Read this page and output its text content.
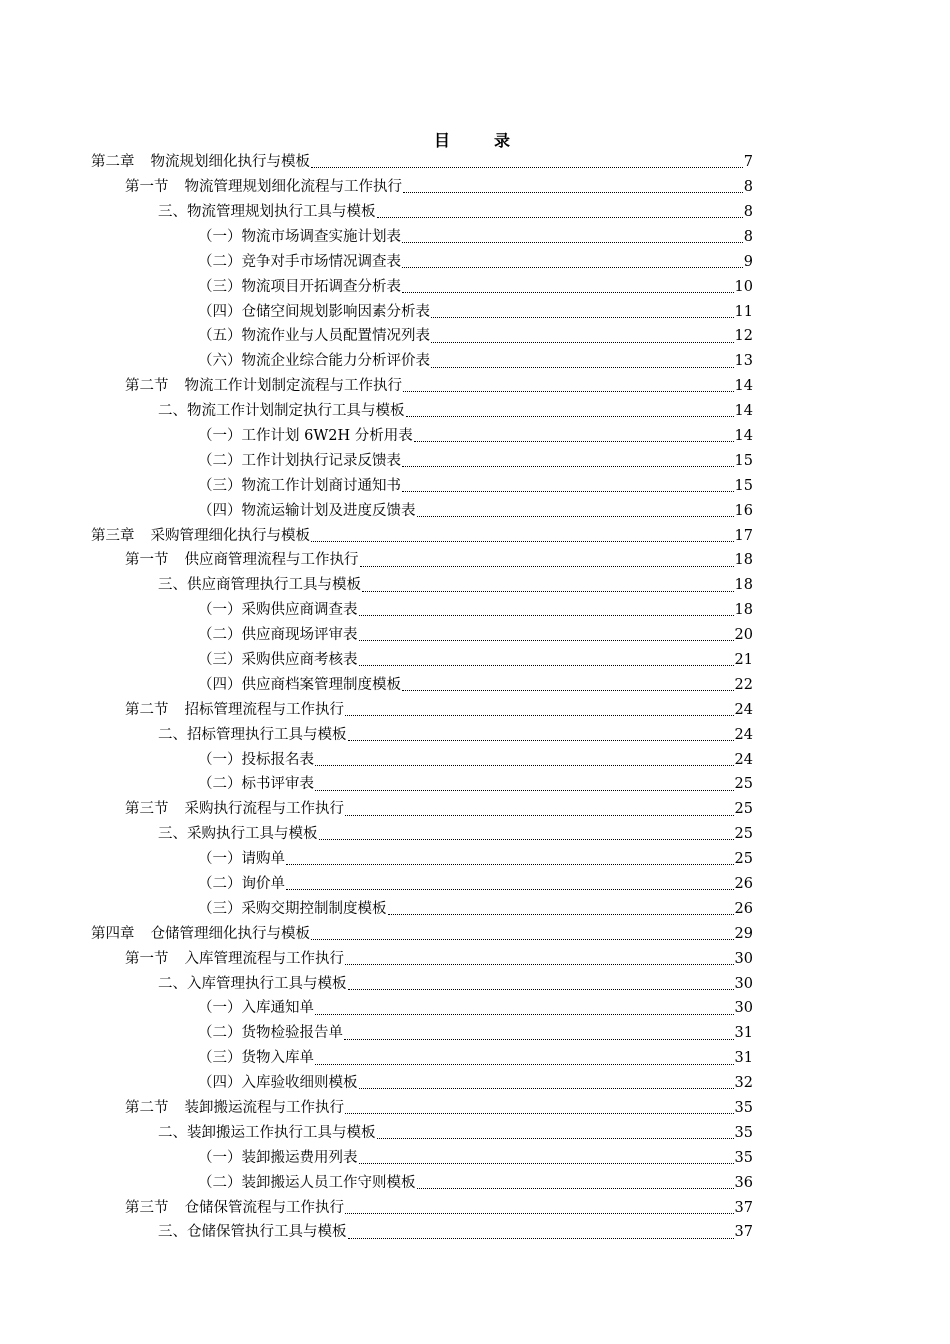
目　录
第二章 物流规划细化执行与模板	7
第一节 物流管理规划细化流程与工作执行	8
三、物流管理规划执行工具与模板	8
（一）物流市场调查实施计划表	8
（二）竞争对手市场情况调查表	9
（三）物流项目开拓调查分析表	10
（四）仓储空间规划影响因素分析表	11
（五）物流作业与人员配置情况列表	12
（六）物流企业综合能力分析评价表	13
第二节 物流工作计划制定流程与工作执行	14
二、物流工作计划制定执行工具与模板	14
（一）工作计划 6W2H 分析用表	14
（二）工作计划执行记录反馈表	15
（三）物流工作计划商讨通知书	15
（四）物流运输计划及进度反馈表	16
第三章 采购管理细化执行与模板	17
第一节 供应商管理流程与工作执行	18
三、供应商管理执行工具与模板	18
（一）采购供应商调查表	18
（二）供应商现场评审表	20
（三）采购供应商考核表	21
（四）供应商档案管理制度模板	22
第二节 招标管理流程与工作执行	24
二、招标管理执行工具与模板	24
（一）投标报名表	24
（二）标书评审表	25
第三节 采购执行流程与工作执行	25
三、采购执行工具与模板	25
（一）请购单	25
（二）询价单	26
（三）采购交期控制制度模板	26
第四章 仓储管理细化执行与模板	29
第一节 入库管理流程与工作执行	30
二、入库管理执行工具与模板	30
（一）入库通知单	30
（二）货物检验报告单	31
（三）货物入库单	31
（四）入库验收细则模板	32
第二节 装卸搬运流程与工作执行	35
二、装卸搬运工作执行工具与模板	35
（一）装卸搬运费用列表	35
（二）装卸搬运人员工作守则模板	36
第三节 仓储保管流程与工作执行	37
三、仓储保管执行工具与模板	37
